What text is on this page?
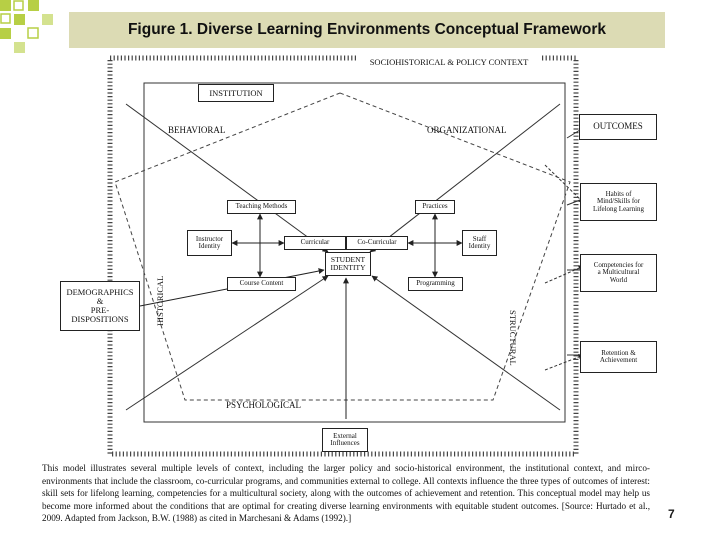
Figure 1. Diverse Learning Environments Conceptual Framework
SOCIOHISTORICAL & POLICY CONTEXT
INSTITUTION
BEHAVIORAL	ORGANIZATIONAL
PSYCHOLOGICAL
HISTORICAL
STRUCTURAL
OUTCOMES
DEMOGRAPHICS
&
PRE-
DISPOSITIONS
Teaching Methods	Practices
Instructor
Identity
Staff
Identity
Curricular	Co-Curricular
STUDENT
IDENTITY
Course Content	Programming
External
Influences
Habits of
Mind/Skills for
Lifelong Learning
Competencies for
a Multicultural
World
Retention &
Achievement
This model illustrates several multiple levels of context, including the larger policy and socio-historical environment, the institutional context, and mirco-environments that include the classroom, co-curricular programs, and communities external to college. All contexts influence the three types of outcomes of interest: skill sets for lifelong learning, competencies for a multicultural society, along with the outcomes of achievement and retention. This conceptual model may help us become more informed about the conditions that are optimal for creating diverse learning environments with equitable student outcomes. [Source: Hurtado et al., 2009. Adapted from Jackson, B.W. (1988) as cited in Marchesani & Adams (1992).]	7
